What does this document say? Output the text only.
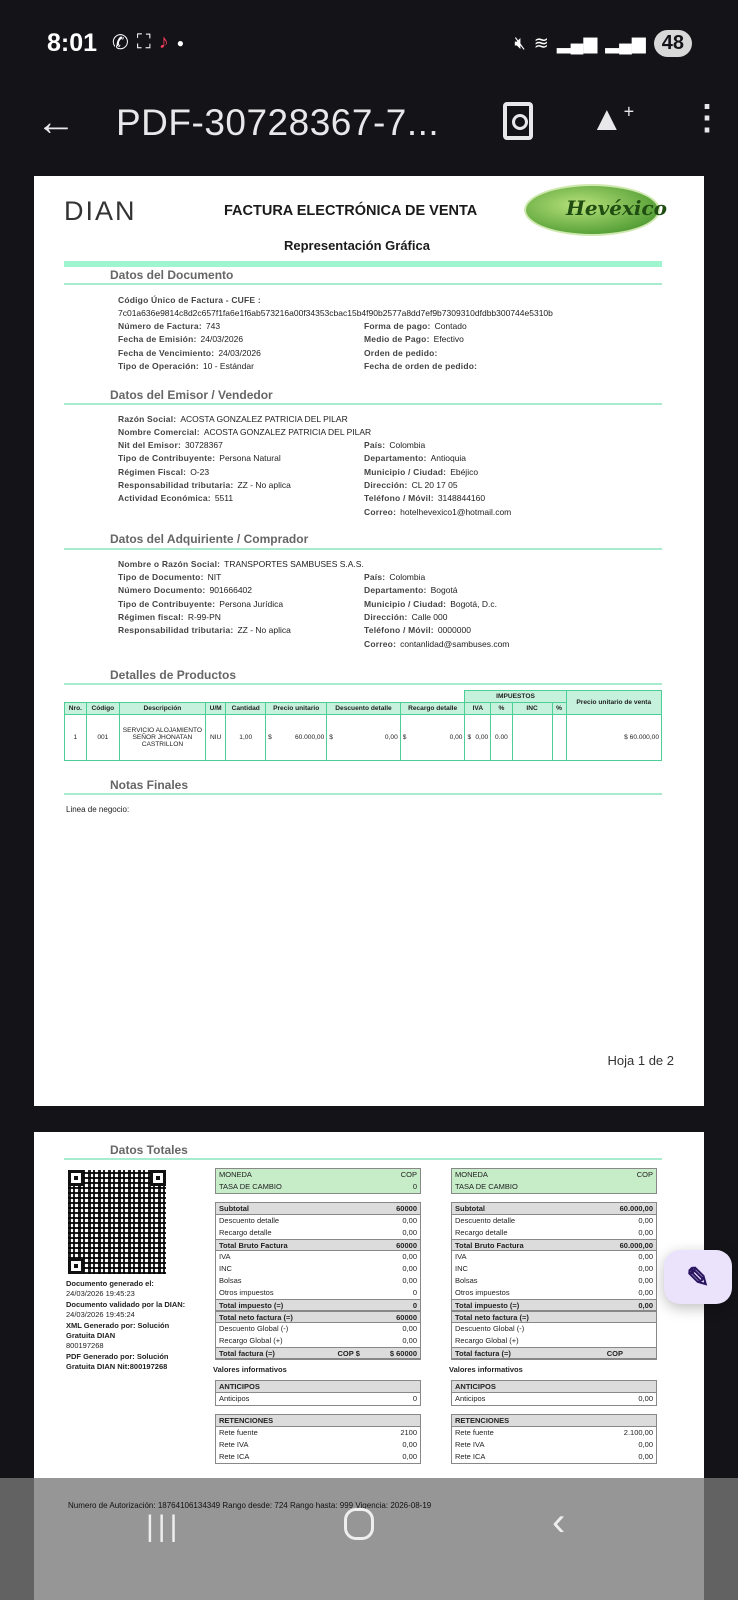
8:01 ✆ ⛶ ♪ ●	🔇︎ ≋ ▂▄▆ ▂▄▆ 48
← PDF-30728367-7...	▲+ ⋮
DIAN	FACTURA ELECTRÓNICA DE VENTA	Hevéxico
Representación Gráfica
Datos del Documento
Código Único de Factura - CUFE :
7c01a636e9814c8d2c657f1fa6e1f6ab573216a00f34353cbac15b4f90b2577a8dd7ef9b7309310dfdbb300744e5310b
Número de Factura: 743
Fecha de Emisión: 24/03/2026
Fecha de Vencimiento: 24/03/2026
Tipo de Operación: 10 - Estándar
Forma de pago: Contado
Medio de Pago: Efectivo
Orden de pedido:
Fecha de orden de pedido:
Datos del Emisor / Vendedor
Razón Social: ACOSTA GONZALEZ PATRICIA DEL PILAR
Nombre Comercial: ACOSTA GONZALEZ PATRICIA DEL PILAR
Nit del Emisor: 30728367
Tipo de Contribuyente: Persona Natural
Régimen Fiscal: O-23
Responsabilidad tributaria: ZZ - No aplica
Actividad Económica: 5511
País: Colombia
Departamento: Antioquia
Municipio / Ciudad: Ebéjico
Dirección: CL 20 17 05
Teléfono / Móvil: 3148844160
Correo: hotelhevexico1@hotmail.com
Datos del Adquiriente / Comprador
Nombre o Razón Social: TRANSPORTES SAMBUSES S.A.S.
Tipo de Documento: NIT
Número Documento: 901666402
Tipo de Contribuyente: Persona Jurídica
Régimen fiscal: R-99-PN
Responsabilidad tributaria: ZZ - No aplica
País: Colombia
Departamento: Bogotá
Municipio / Ciudad: Bogotá, D.c.
Dirección: Calle 000
Teléfono / Móvil: 0000000
Correo: contanlidad@sambuses.com
Detalles de Productos
								IMPUESTOS				Precio unitario de venta
Nro.	Código	Descripción	U/M	Cantidad	Precio unitario	Descuento detalle	Recargo detalle	IVA	%	INC	%	
1	001	SERVICIO ALOJAMIENTO SEÑOR JHONATAN CASTRILLON	NIU	1,00	$ 60.000,00	$ 0,00	$ 0,00	$ 0,00	0.00			$ 60.000,00
Notas Finales
Linea de negocio:
Hoja 1 de 2
Datos Totales
Documento generado el:
24/03/2026 19:45:23
Documento validado por la DIAN:
24/03/2026 19:45:24
XML Generado por: Solución Gratuita DIAN
800197268
PDF Generado por: Solución Gratuita DIAN Nit:800197268
MONEDA	COP
TASA DE CAMBIO	0
Subtotal	60000
Descuento detalle	0,00
Recargo detalle	0,00
Total Bruto Factura	60000
IVA	0,00
INC	0,00
Bolsas	0,00
Otros impuestos	0
Total impuesto (=)	0
Total neto factura (=)	60000
Descuento Global (-)	0,00
Recargo Global (+)	0,00
Total factura (=)	COP $	$ 60000
Valores informativos
ANTICIPOS
Anticipos	0
RETENCIONES
Rete fuente	2100
Rete IVA	0,00
Rete ICA	0,00
MONEDA	COP
TASA DE CAMBIO
Subtotal	60.000,00
Descuento detalle	0,00
Recargo detalle	0,00
Total Bruto Factura	60.000,00
IVA	0,00
INC	0,00
Bolsas	0,00
Otros impuestos	0,00
Total impuesto (=)	0,00
Total neto factura (=)
Descuento Global (-)
Recargo Global (+)
Total factura (=)	COP
Valores informativos
ANTICIPOS
Anticipos	0,00
RETENCIONES
Rete fuente	2.100,00
Rete IVA	0,00
Rete ICA	0,00
✎
Numero de Autorización: 18764106134349 Rango desde: 724 Rango hasta: 999 Vigencia: 2026-08-19
|||	‹
